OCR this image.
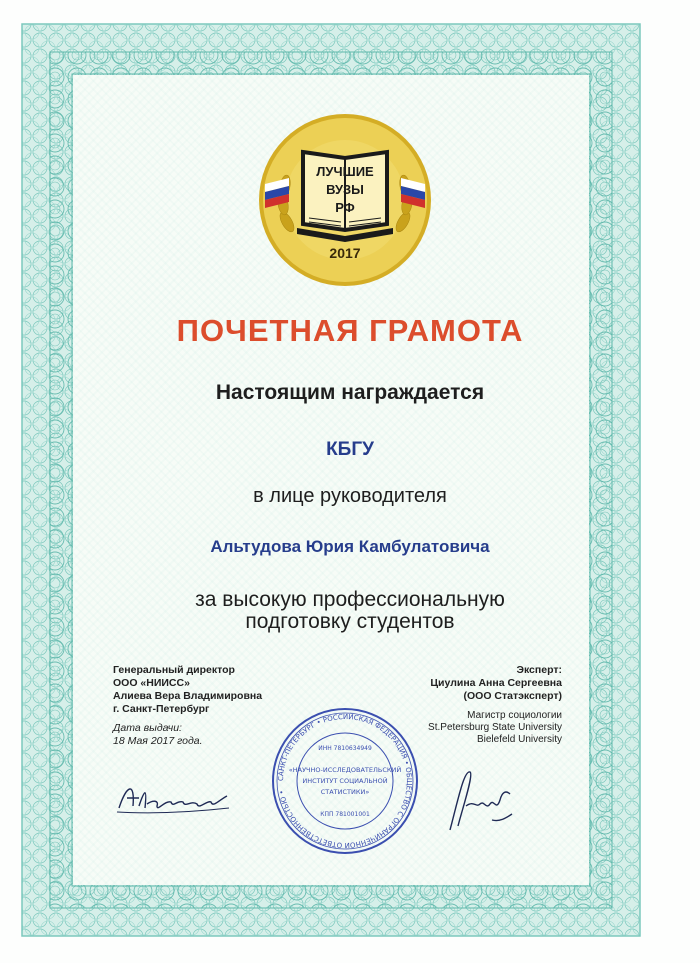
ЛУЧШИЕ
ВУЗЫ
РФ
2017
ПОЧЕТНАЯ ГРАМОТА
Настоящим награждается
КБГУ
в лице руководителя
Альтудова Юрия Камбулатовича
за высокую профессиональную
подготовку студентов
Генеральный директор
ООО «НИИСС»
Алиева Вера Владимировна
г. Санкт-Петербург
Дата выдачи:
18 Мая 2017 года.
Эксперт:
Циулина Анна Сергеевна
(ООО Статэксперт)
Магистр социологии
St.Petersburg State University
Bielefeld University
САНКТ-ПЕТЕРБУРГ • РОССИЙСКАЯ ФЕДЕРАЦИЯ • ОБЩЕСТВО С ОГРАНИЧЕННОЙ ОТВЕТСТВЕННОСТЬЮ •
ИНН 7810634949
«НАУЧНО-ИССЛЕДОВАТЕЛЬСКИЙ
ИНСТИТУТ СОЦИАЛЬНОЙ
СТАТИСТИКИ»
КПП 781001001
